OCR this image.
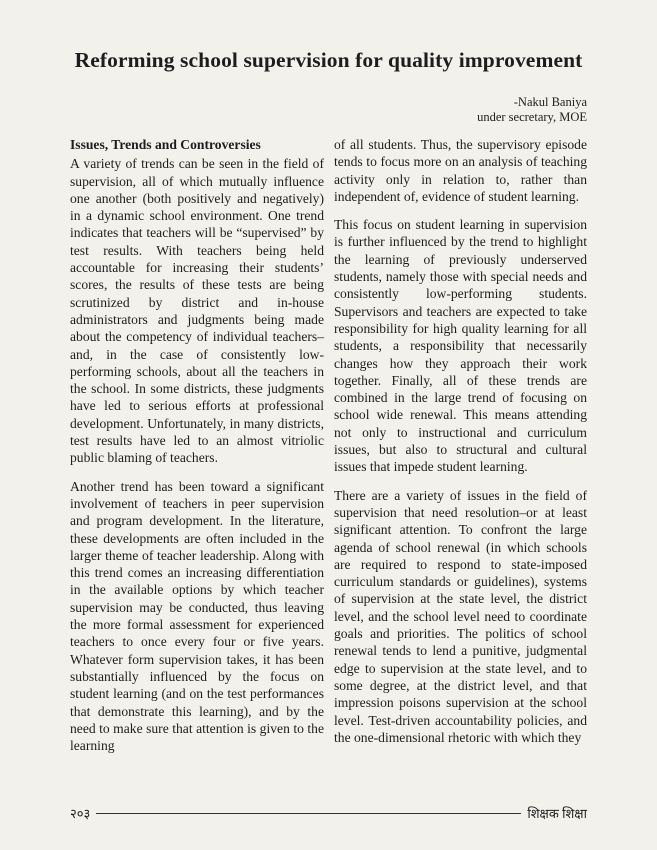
Reforming school supervision for quality improvement
-Nakul Baniya
under secretary, MOE
Issues, Trends and Controversies

A variety of trends can be seen in the field of supervision, all of which mutually influence one another (both positively and negatively) in a dynamic school environment. One trend indicates that teachers will be “supervised” by test results. With teachers being held accountable for increasing their students’ scores, the results of these tests are being scrutinized by district and in-house administrators and judgments being made about the competency of individual teachers–and, in the case of consistently low-performing schools, about all the teachers in the school. In some districts, these judgments have led to serious efforts at professional development. Unfortunately, in many districts, test results have led to an almost vitriolic public blaming of teachers.

Another trend has been toward a significant involvement of teachers in peer supervision and program development. In the literature, these developments are often included in the larger theme of teacher leadership. Along with this trend comes an increasing differentiation in the available options by which teacher supervision may be conducted, thus leaving the more formal assessment for experienced teachers to once every four or five years. Whatever form supervision takes, it has been substantially influenced by the focus on student learning (and on the test performances that demonstrate this learning), and by the need to make sure that attention is given to the learning

of all students. Thus, the supervisory episode tends to focus more on an analysis of teaching activity only in relation to, rather than independent of, evidence of student learning.

This focus on student learning in supervision is further influenced by the trend to highlight the learning of previously underserved students, namely those with special needs and consistently low-performing students. Supervisors and teachers are expected to take responsibility for high quality learning for all students, a responsibility that necessarily changes how they approach their work together. Finally, all of these trends are combined in the large trend of focusing on school wide renewal. This means attending not only to instructional and curriculum issues, but also to structural and cultural issues that impede student learning.

There are a variety of issues in the field of supervision that need resolution–or at least significant attention. To confront the large agenda of school renewal (in which schools are required to respond to state-imposed curriculum standards or guidelines), systems of supervision at the state level, the district level, and the school level need to coordinate goals and priorities. The politics of school renewal tends to lend a punitive, judgmental edge to supervision at the state level, and to some degree, at the district level, and that impression poisons supervision at the school level. Test-driven accountability policies, and the one-dimensional rhetoric with which they

२०३	शिक्षक शिक्षा
